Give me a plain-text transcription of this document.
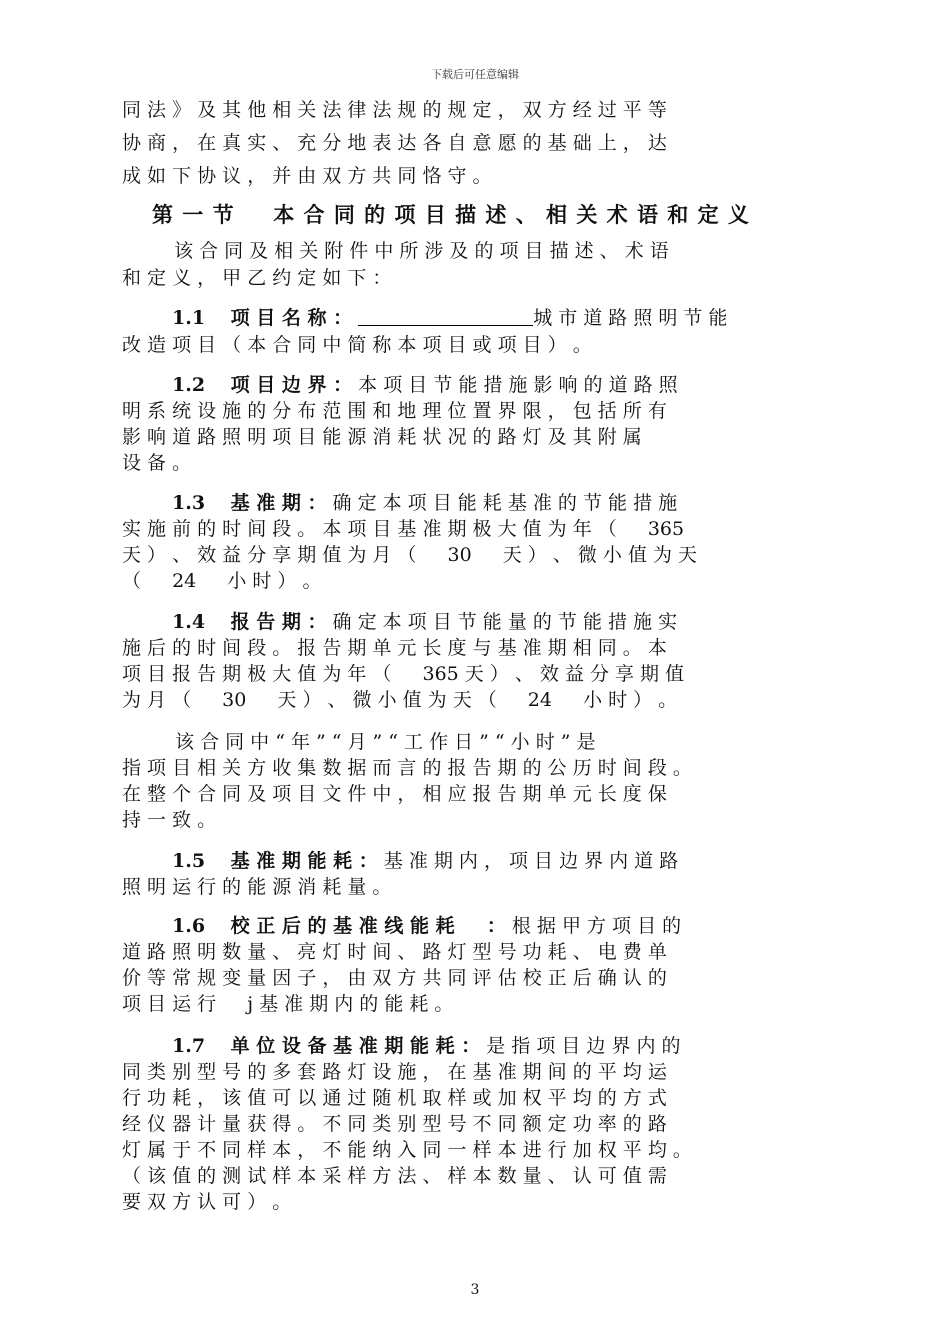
下载后可任意编辑
同 法 》 及 其 他 相 关 法 律 法 规 的 规 定 ， 双 方 经 过 平 等
协 商 ， 在 真 实 、 充 分 地 表 达 各 自 意 愿 的 基 础 上 ， 达
成 如 下 协 议 ， 并 由 双 方 共 同 恪 守 。
第 一 节 　 本 合 同 的 项 目 描 述 、 相 关 术 语 和 定 义
该 合 同 及 相 关 附 件 中 所 涉 及 的 项 目 描 述 、 术 语
和 定 义 ， 甲 乙 约 定 如 下 ：
1.1　 项 目 名 称 ：	城 市 道 路 照 明 节 能
改 造 项 目 （ 本 合 同 中 简 称 本 项 目 或 项 目 ） 。
1.2　 项 目 边 界 ： 本 项 目 节 能 措 施 影 响 的 道 路 照
明 系 统 设 施 的 分 布 范 围 和 地 理 位 置 界 限 ， 包 括 所 有
影 响 道 路 照 明 项 目 能 源 消 耗 状 况 的 路 灯 及 其 附 属
设 备 。
1.3　 基 准 期 ： 确 定 本 项 目 能 耗 基 准 的 节 能 措 施
实 施 前 的 时 间 段 。 本 项 目 基 准 期 极 大 值 为 年 （ 　 365
天 ） 、 效 益 分 享 期 值 为 月 （ 　 30 　 天 ） 、 微 小 值 为 天
（ 　 24 　 小 时 ） 。
1.4　 报 告 期 ： 确 定 本 项 目 节 能 量 的 节 能 措 施 实
施 后 的 时 间 段 。 报 告 期 单 元 长 度 与 基 准 期 相 同 。 本
项 目 报 告 期 极 大 值 为 年 （ 　 365 天 ） 、 效 益 分 享 期 值
为 月 （ 　 30 　 天 ） 、 微 小 值 为 天 （ 　 24 　 小 时 ） 。
　 该 合 同 中 “ 年 ” “ 月 ” “ 工 作 日 ” “ 小 时 ” 是
指 项 目 相 关 方 收 集 数 据 而 言 的 报 告 期 的 公 历 时 间 段 。
在 整 个 合 同 及 项 目 文 件 中 ， 相 应 报 告 期 单 元 长 度 保
持 一 致 。
1.5　 基 准 期 能 耗 ： 基 准 期 内 ， 项 目 边 界 内 道 路
照 明 运 行 的 能 源 消 耗 量 。
1.6　 校 正 后 的 基 准 线 能 耗 　 ： 根 据 甲 方 项 目 的
道 路 照 明 数 量 、 亮 灯 时 间 、 路 灯 型 号 功 耗 、 电 费 单
价 等 常 规 变 量 因 子 ， 由 双 方 共 同 评 估 校 正 后 确 认 的
项 目 运 行 　 j 基 准 期 内 的 能 耗 。
1.7　 单 位 设 备 基 准 期 能 耗 ： 是 指 项 目 边 界 内 的
同 类 别 型 号 的 多 套 路 灯 设 施 ， 在 基 准 期 间 的 平 均 运
行 功 耗 ， 该 值 可 以 通 过 随 机 取 样 或 加 权 平 均 的 方 式
经 仪 器 计 量 获 得 。 不 同 类 别 型 号 不 同 额 定 功 率 的 路
灯 属 于 不 同 样 本 ， 不 能 纳 入 同 一 样 本 进 行 加 权 平 均 。
（ 该 值 的 测 试 样 本 采 样 方 法 、 样 本 数 量 、 认 可 值 需
要 双 方 认 可 ） 。
3
